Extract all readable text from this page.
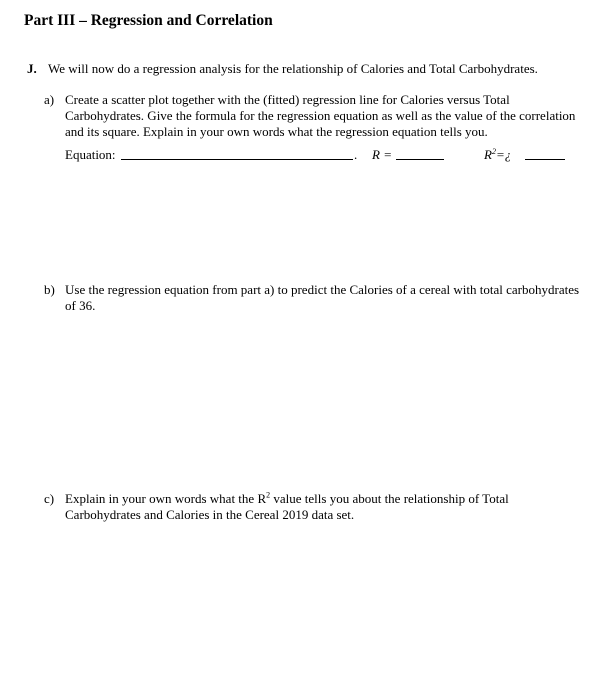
Part III – Regression and Correlation
J. We will now do a regression analysis for the relationship of Calories and Total Carbohydrates.
a) Create a scatter plot together with the (fitted) regression line for Calories versus Total Carbohydrates. Give the formula for the regression equation as well as the value of the correlation and its square. Explain in your own words what the regression equation tells you.
Equation:	. R =	$R^2=¿$
b) Use the regression equation from part a) to predict the Calories of a cereal with total carbohydrates of 36.
c) Explain in your own words what the $R^2$ value tells you about the relationship of Total Carbohydrates and Calories in the Cereal 2019 data set.
